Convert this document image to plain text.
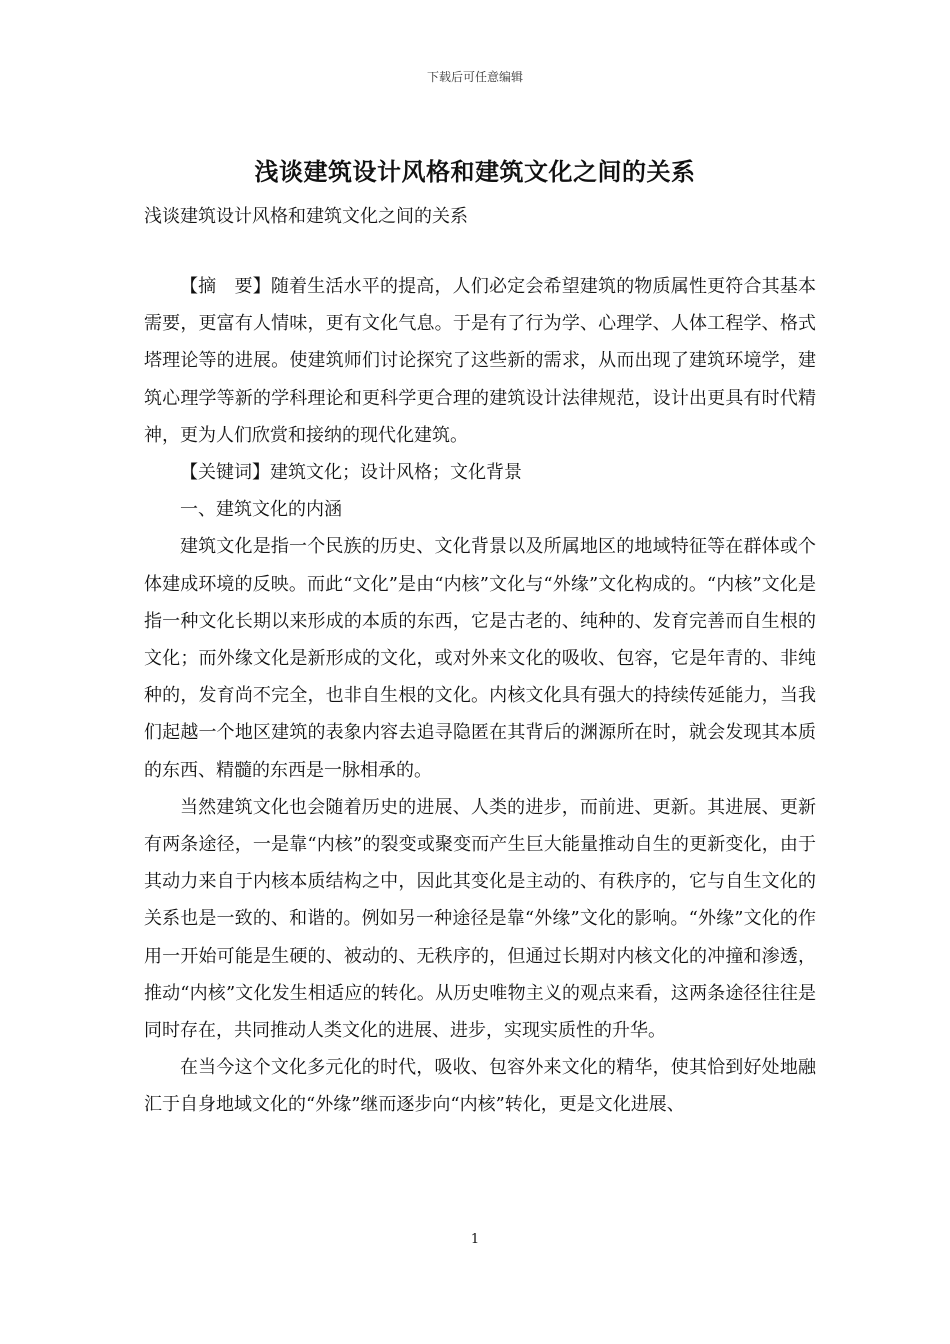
下载后可任意编辑
浅谈建筑设计风格和建筑文化之间的关系
浅谈建筑设计风格和建筑文化之间的关系

【摘　要】随着生活水平的提高，人们必定会希望建筑的物质属性更符合其基本需要，更富有人情味，更有文化气息。于是有了行为学、心理学、人体工程学、格式塔理论等的进展。使建筑师们讨论探究了这些新的需求，从而出现了建筑环境学，建筑心理学等新的学科理论和更科学更合理的建筑设计法律规范，设计出更具有时代精神，更为人们欣赏和接纳的现代化建筑。

【关键词】建筑文化；设计风格；文化背景

一、建筑文化的内涵

建筑文化是指一个民族的历史、文化背景以及所属地区的地域特征等在群体或个体建成环境的反映。而此“文化”是由“内核”文化与“外缘”文化构成的。“内核”文化是指一种文化长期以来形成的本质的东西，它是古老的、纯种的、发育完善而自生根的文化；而外缘文化是新形成的文化，或对外来文化的吸收、包容，它是年青的、非纯种的，发育尚不完全，也非自生根的文化。内核文化具有强大的持续传延能力，当我们起越一个地区建筑的表象内容去追寻隐匿在其背后的渊源所在时，就会发现其本质的东西、精髓的东西是一脉相承的。

当然建筑文化也会随着历史的进展、人类的进步，而前进、更新。其进展、更新有两条途径，一是靠“内核”的裂变或聚变而产生巨大能量推动自生的更新变化，由于其动力来自于内核本质结构之中，因此其变化是主动的、有秩序的，它与自生文化的关系也是一致的、和谐的。例如另一种途径是靠“外缘”文化的影响。“外缘”文化的作用一开始可能是生硬的、被动的、无秩序的，但通过长期对内核文化的冲撞和渗透，推动“内核”文化发生相适应的转化。从历史唯物主义的观点来看，这两条途径往往是同时存在，共同推动人类文化的进展、进步，实现实质性的升华。

在当今这个文化多元化的时代，吸收、包容外来文化的精华，使其恰到好处地融汇于自身地域文化的“外缘”继而逐步向“内核”转化，更是文化进展、

1
